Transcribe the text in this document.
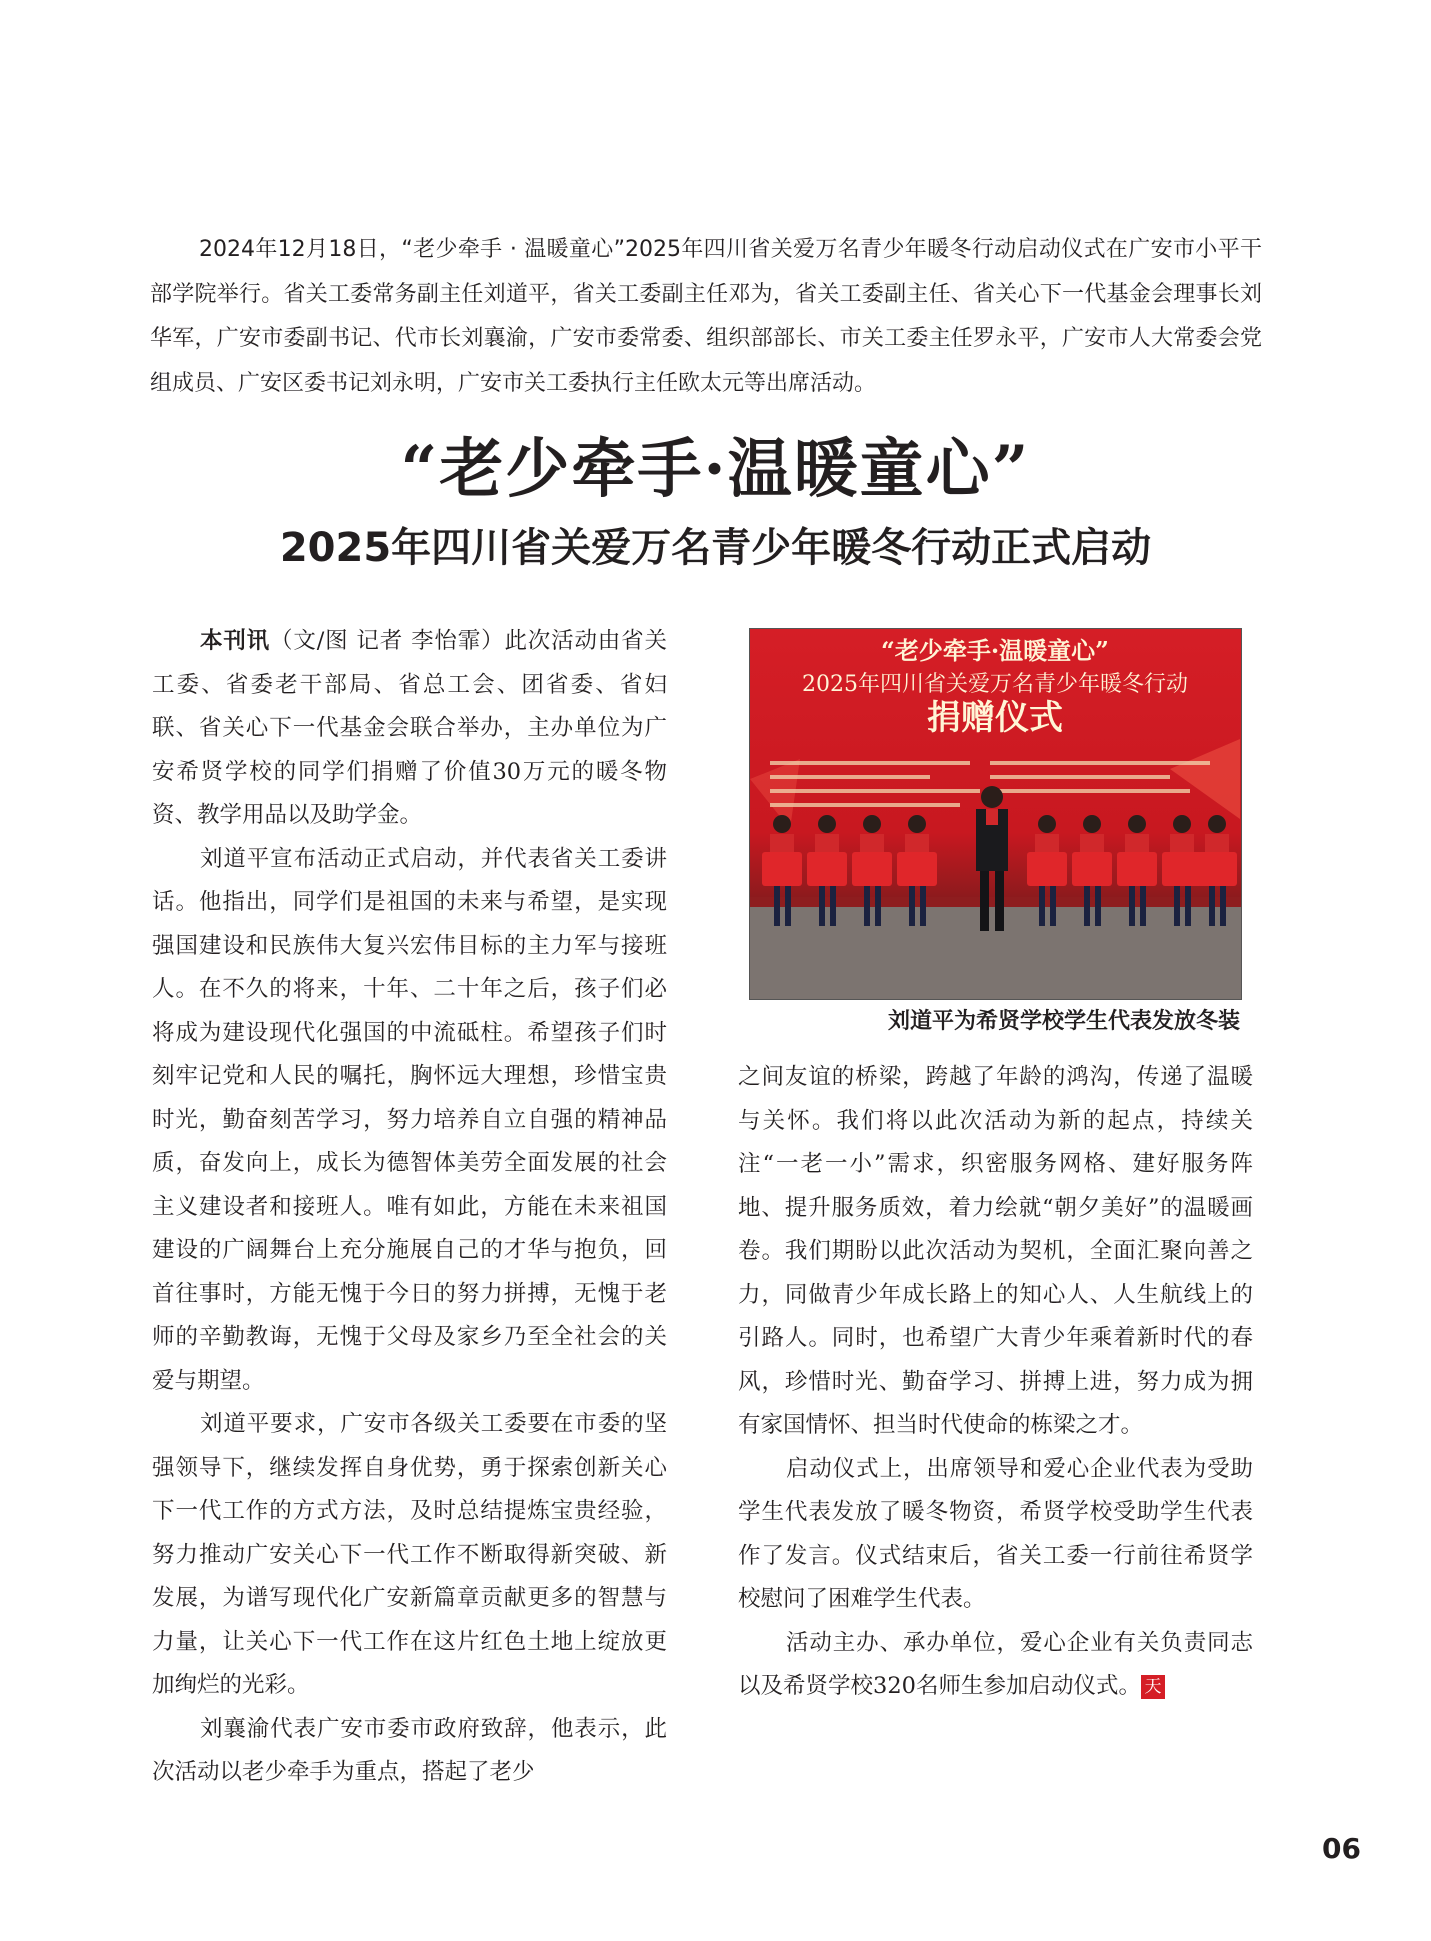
2024年12月18日，“老少牵手 · 温暖童心”2025年四川省关爱万名青少年暖冬行动启动仪式在广安市小平干部学院举行。省关工委常务副主任刘道平，省关工委副主任邓为，省关工委副主任、省关心下一代基金会理事长刘华军，广安市委副书记、代市长刘襄渝，广安市委常委、组织部部长、市关工委主任罗永平，广安市人大常委会党组成员、广安区委书记刘永明，广安市关工委执行主任欧太元等出席活动。

“老少牵手·温暖童心”
2025年四川省关爱万名青少年暖冬行动正式启动

本刊讯（文/图 记者 李怡霏）此次活动由省关工委、省委老干部局、省总工会、团省委、省妇联、省关心下一代基金会联合举办，主办单位为广安希贤学校的同学们捐赠了价值30万元的暖冬物资、教学用品以及助学金。

刘道平宣布活动正式启动，并代表省关工委讲话。他指出，同学们是祖国的未来与希望，是实现强国建设和民族伟大复兴宏伟目标的主力军与接班人。在不久的将来，十年、二十年之后，孩子们必将成为建设现代化强国的中流砥柱。希望孩子们时刻牢记党和人民的嘱托，胸怀远大理想，珍惜宝贵时光，勤奋刻苦学习，努力培养自立自强的精神品质，奋发向上，成长为德智体美劳全面发展的社会主义建设者和接班人。唯有如此，方能在未来祖国建设的广阔舞台上充分施展自己的才华与抱负，回首往事时，方能无愧于今日的努力拼搏，无愧于老师的辛勤教诲，无愧于父母及家乡乃至全社会的关爱与期望。

刘道平要求，广安市各级关工委要在市委的坚强领导下，继续发挥自身优势，勇于探索创新关心下一代工作的方式方法，及时总结提炼宝贵经验，努力推动广安关心下一代工作不断取得新突破、新发展，为谱写现代化广安新篇章贡献更多的智慧与力量，让关心下一代工作在这片红色土地上绽放更加绚烂的光彩。

刘襄渝代表广安市委市政府致辞，他表示，此次活动以老少牵手为重点，搭起了老少

“老少牵手·温暖童心”
2025年四川省关爱万名青少年暖冬行动
捐赠仪式

刘道平为希贤学校学生代表发放冬装

之间友谊的桥梁，跨越了年龄的鸿沟，传递了温暖与关怀。我们将以此次活动为新的起点，持续关注“一老一小”需求，织密服务网格、建好服务阵地、提升服务质效，着力绘就“朝夕美好”的温暖画卷。我们期盼以此次活动为契机，全面汇聚向善之力，同做青少年成长路上的知心人、人生航线上的引路人。同时，也希望广大青少年乘着新时代的春风，珍惜时光、勤奋学习、拼搏上进，努力成为拥有家国情怀、担当时代使命的栋梁之才。

启动仪式上，出席领导和爱心企业代表为受助学生代表发放了暖冬物资，希贤学校受助学生代表作了发言。仪式结束后，省关工委一行前往希贤学校慰问了困难学生代表。

活动主办、承办单位，爱心企业有关负责同志以及希贤学校320名师生参加启动仪式。 天

06
